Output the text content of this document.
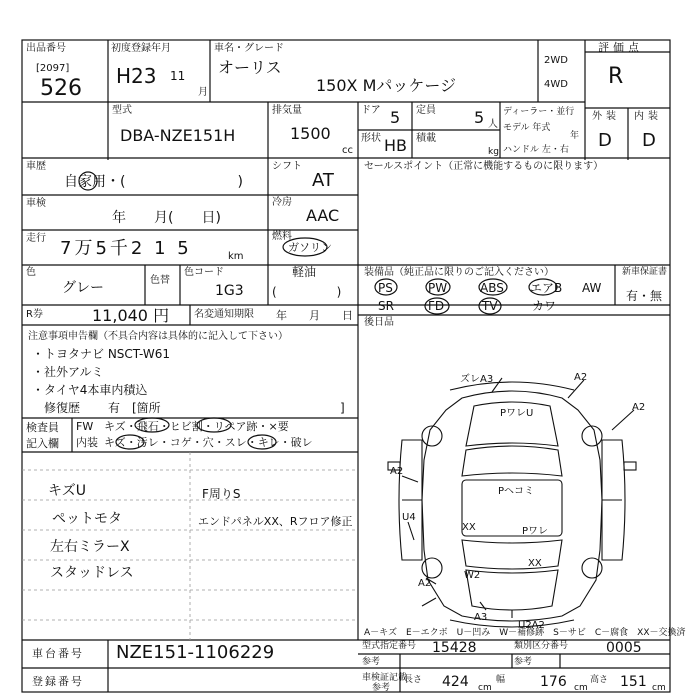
出品番号
[2097]
526
初度登録年月
H23 11
月
車名・グレード
オーリス
150X Mパッケージ
2WD
4WD
評価点
R
型式
DBA-NZE151H
排気量
1500
cc
ドア 5 定員 5 人
形状 HB 積載
kg
ディーラー・並行
モデル 年式
年
ハンドル 左・右
外装 内装
D D
車歴
自家用・(　　　　　　　　)
車検
年　　月(　　日)
走行 7万5千2 1 5	km
色
グレー	色替
色コード
1G3
R券	11,040 円 名変通知期限 年　　月　　日
シフト
AT
冷房
AAC
燃料
ガソリン
軽油
(　　　　　)
セールスポイント（正常に機能するものに限ります）
装備品（純正品に限りのご記入ください）
PS	PW	ABS エアB AW
SR	FD	TV	カワ
新車保証書
有・無
後日品
注意事項申告欄（不具合内容は具体的に記入して下さい）
・トヨタナビ NSCT-W61
・社外アルミ
・タイヤ4本車内積込
修復歴 有　[箇所	]
検査員
記入欄
FW キズ・飛石・ヒビ割・リペア跡・×要
内装 キズ・汚レ・コゲ・穴・スレ・キレ・破レ
キズU
ペットモタ
左右ミラーX
スタッドレス
F周りS
エンドパネルXX、Rフロア修正
ズレA3	A2
A2
PワレU
A2
Pヘコミ
U4
XX	Pワレ
W2
A2
XX
A3
U2A2
A－キズ　E－エクボ　U－凹み　W－補修跡　S－サビ　C－腐食　XX－交換済
車台番号 NZE151-1106229
登録番号
型式指定番号 15428	類別区分番号	0005
参考	参考
車検証記載
参考
長さ 424 cm
幅 176 cm
高さ 151 cm
